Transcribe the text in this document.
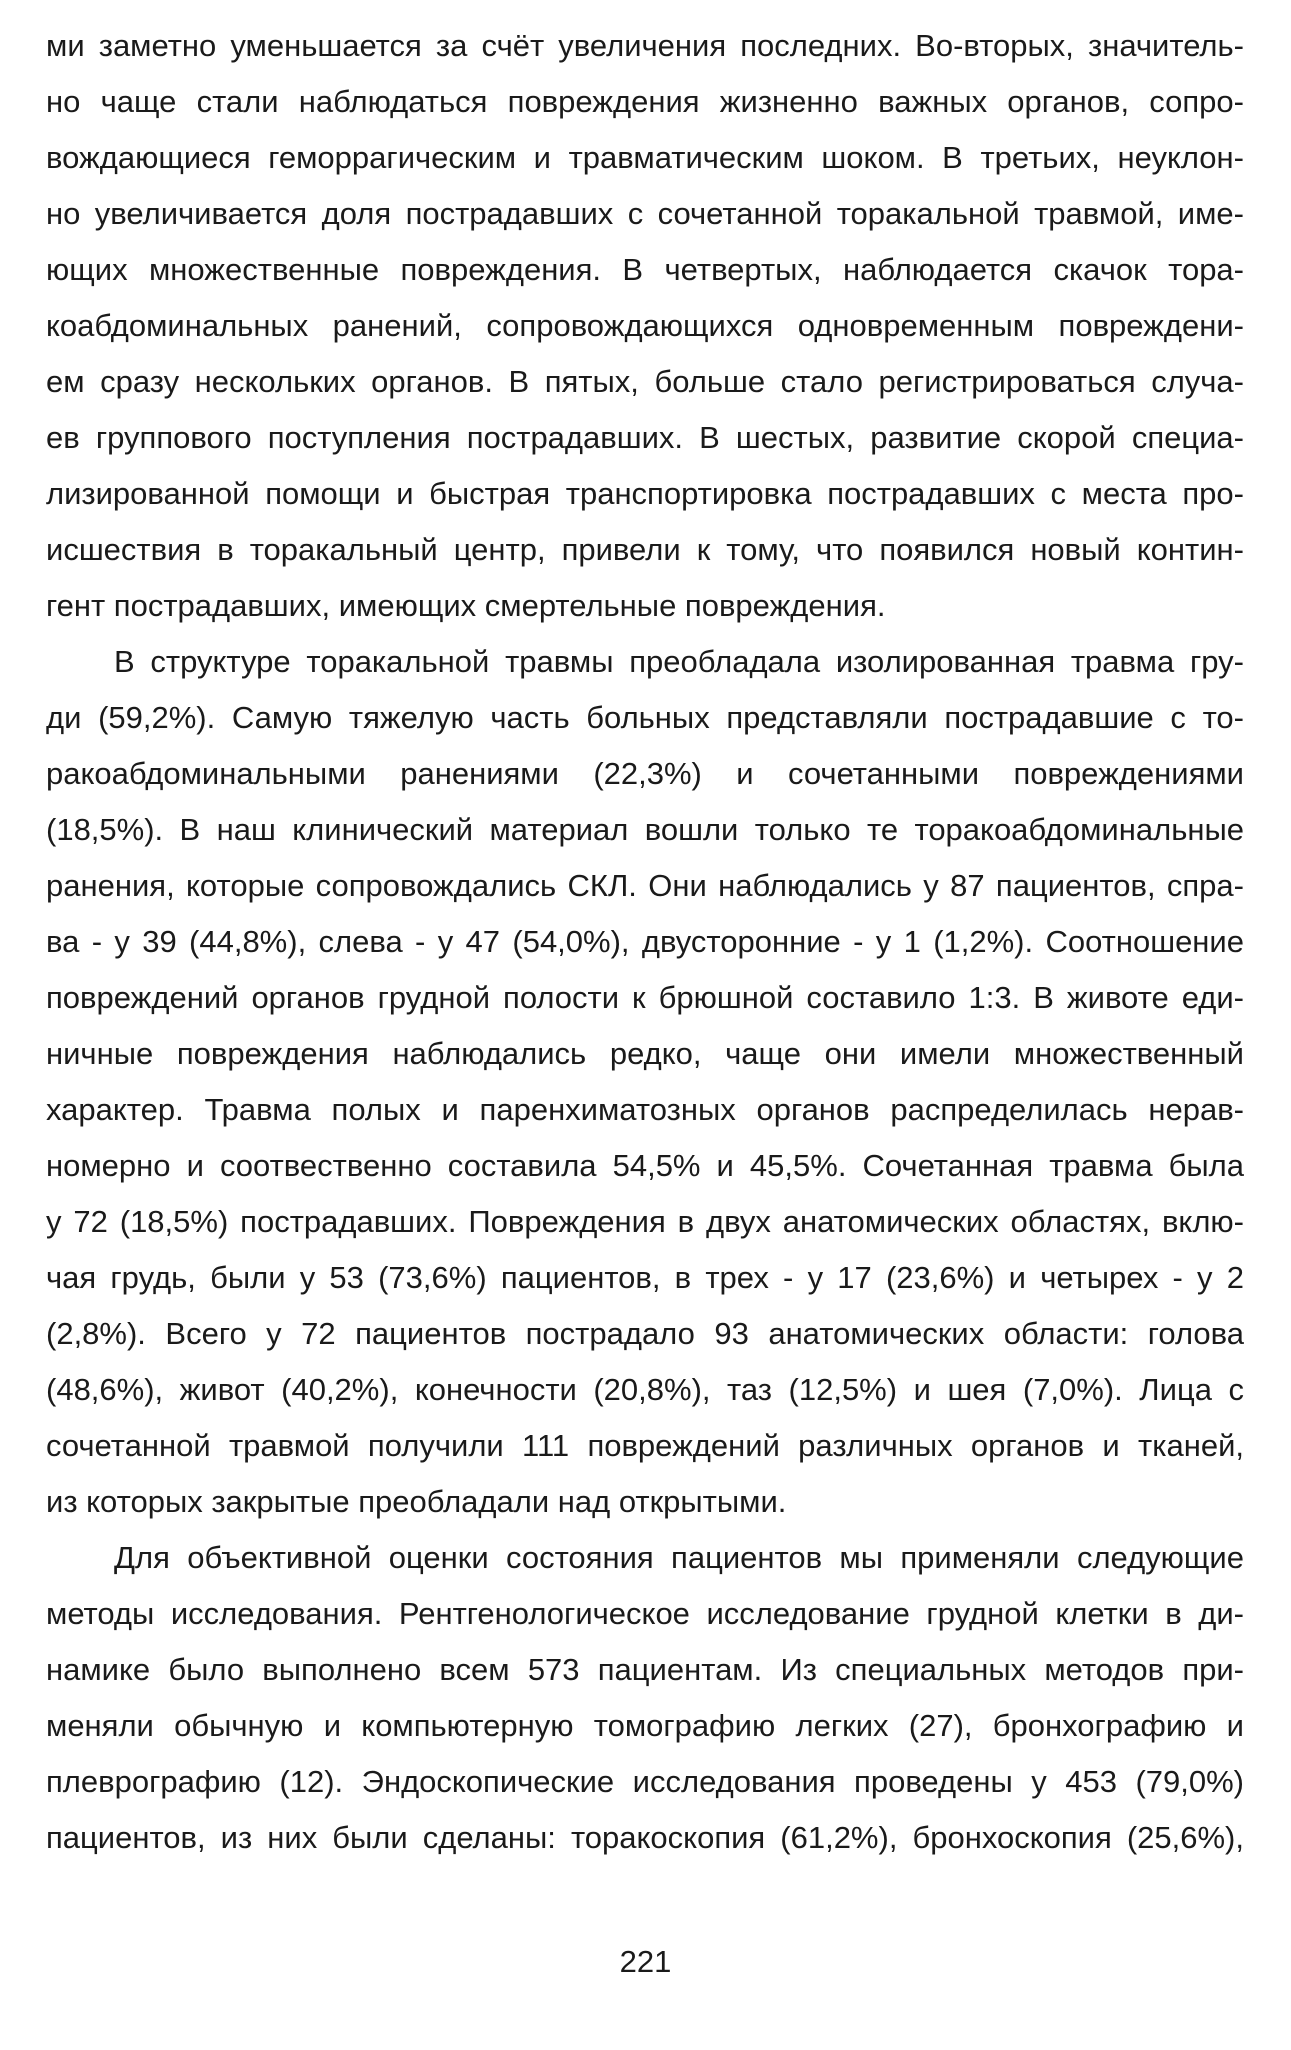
ми заметно уменьшается за счёт увеличения последних. Во-вторых, значитель-
но чаще стали наблюдаться повреждения жизненно важных органов, сопро-
вождающиеся геморрагическим и травматическим шоком. В третьих, неуклон-
но увеличивается доля пострадавших с сочетанной торакальной травмой, име-
ющих множественные повреждения. В четвертых, наблюдается скачок тора-
коабдоминальных ранений, сопровождающихся одновременным повреждени-
ем сразу нескольких органов. В пятых, больше стало регистрироваться случа-
ев группового поступления пострадавших. В шестых, развитие скорой специа-
лизированной помощи и быстрая транспортировка пострадавших с места про-
исшествия в торакальный центр, привели к тому, что появился новый контин-
гент пострадавших, имеющих смертельные повреждения.
В структуре торакальной травмы преобладала изолированная травма гру-
ди (59,2%). Самую тяжелую часть больных представляли пострадавшие с то-
ракоабдоминальными ранениями (22,3%) и сочетанными повреждениями
(18,5%). В наш клинический материал вошли только те торакоабдоминальные
ранения, которые сопровождались СКЛ. Они наблюдались у 87 пациентов, спра-
ва - у 39 (44,8%), слева - у 47 (54,0%), двусторонние - у 1 (1,2%). Соотношение
повреждений органов грудной полости к брюшной составило 1:3. В животе еди-
ничные повреждения наблюдались редко, чаще они имели множественный
характер. Травма полых и паренхиматозных органов распределилась нерав-
номерно и соотвественно составила 54,5% и 45,5%. Сочетанная травма была
у 72 (18,5%) пострадавших. Повреждения в двух анатомических областях, вклю-
чая грудь, были у 53 (73,6%) пациентов, в трех - у 17 (23,6%) и четырех - у 2
(2,8%). Всего у 72 пациентов пострадало 93 анатомических области: голова
(48,6%), живот (40,2%), конечности (20,8%), таз (12,5%) и шея (7,0%). Лица с
сочетанной травмой получили 111 повреждений различных органов и тканей,
из которых закрытые преобладали над открытыми.
Для объективной оценки состояния пациентов мы применяли следующие
методы исследования. Рентгенологическое исследование грудной клетки в ди-
намике было выполнено всем 573 пациентам. Из специальных методов при-
меняли обычную и компьютерную томографию легких (27), бронхографию и
плеврографию (12). Эндоскопические исследования проведены у 453 (79,0%)
пациентов, из них были сделаны: торакоскопия (61,2%), бронхоскопия (25,6%),
221
